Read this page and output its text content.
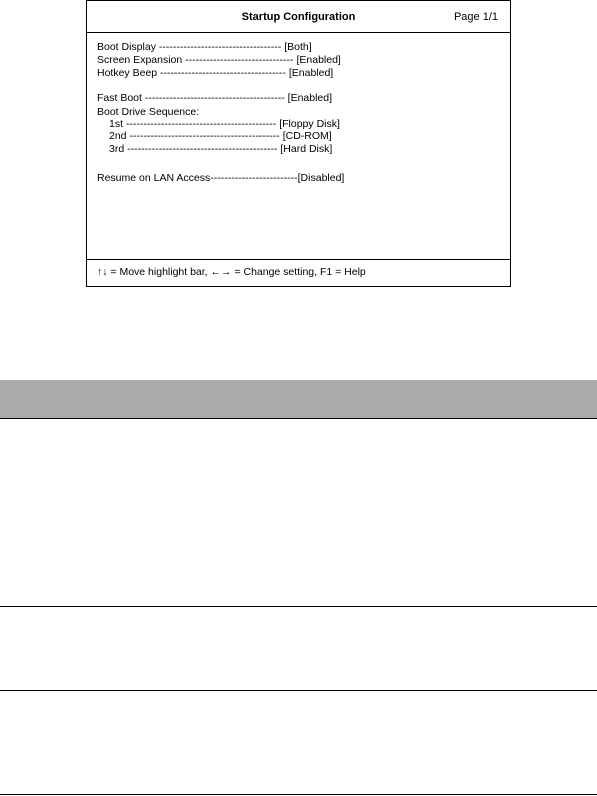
Startup Configuration	Page 1/1
Boot Display ----------------------------------- [Both]
Screen Expansion ------------------------------- [Enabled]
Hotkey Beep ------------------------------------ [Enabled]
Fast Boot ---------------------------------------- [Enabled]
Boot Drive Sequence:
1st ------------------------------------------- [Floppy Disk]
2nd ------------------------------------------- [CD-ROM]
3rd ------------------------------------------- [Hard Disk]
Resume on LAN Access-------------------------[Disabled]
↑↓ = Move highlight bar, ←→ = Change setting, F1 = Help
